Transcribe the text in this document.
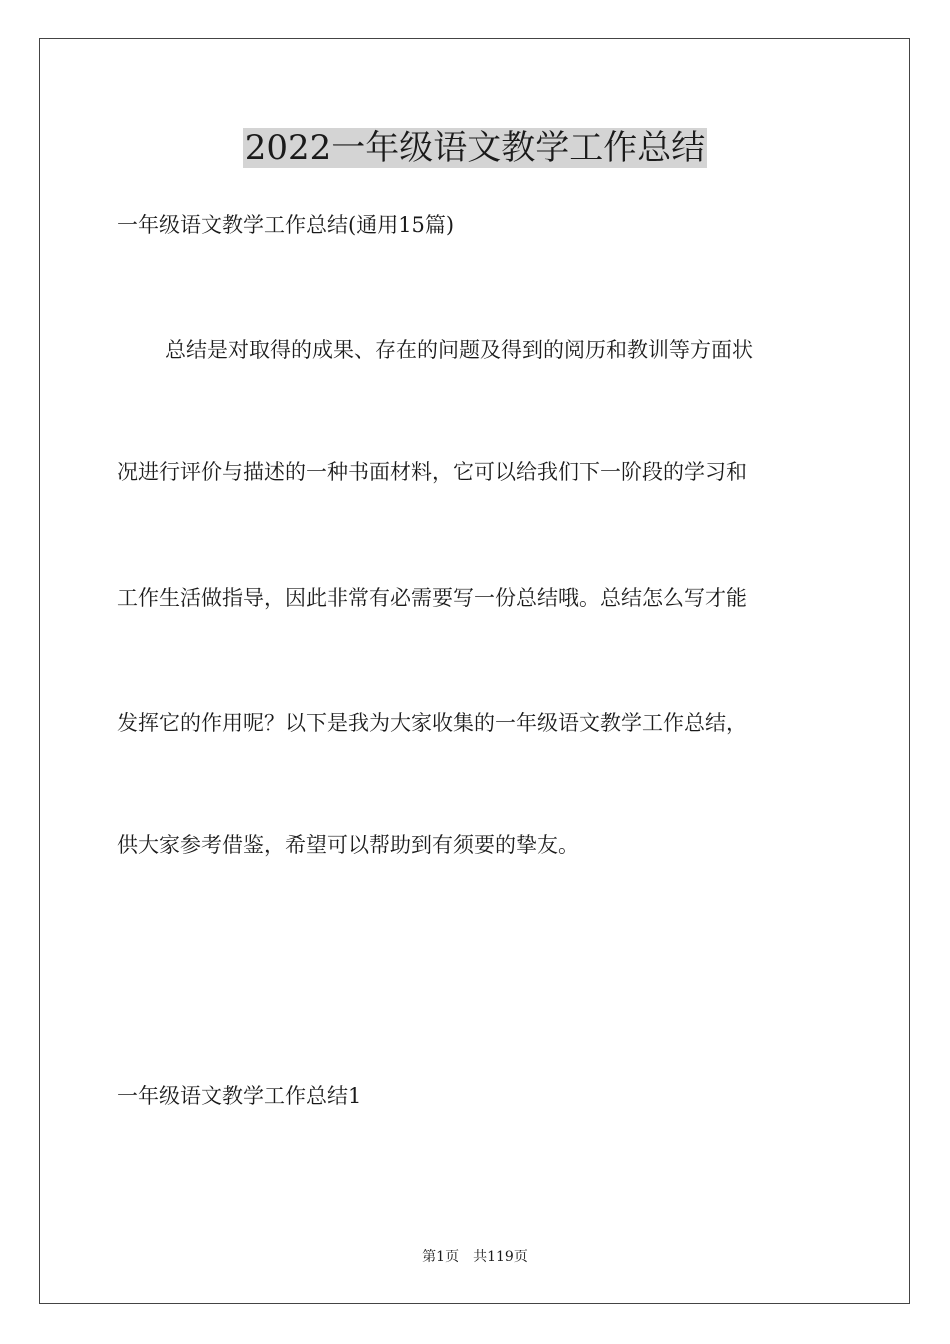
2022一年级语文教学工作总结
一年级语文教学工作总结(通用15篇)
总结是对取得的成果、存在的问题及得到的阅历和教训等方面状
况进行评价与描述的一种书面材料，它可以给我们下一阶段的学习和
工作生活做指导，因此非常有必需要写一份总结哦。总结怎么写才能
发挥它的作用呢？以下是我为大家收集的一年级语文教学工作总结，
供大家参考借鉴，希望可以帮助到有须要的挚友。
一年级语文教学工作总结1
第1页 共119页
